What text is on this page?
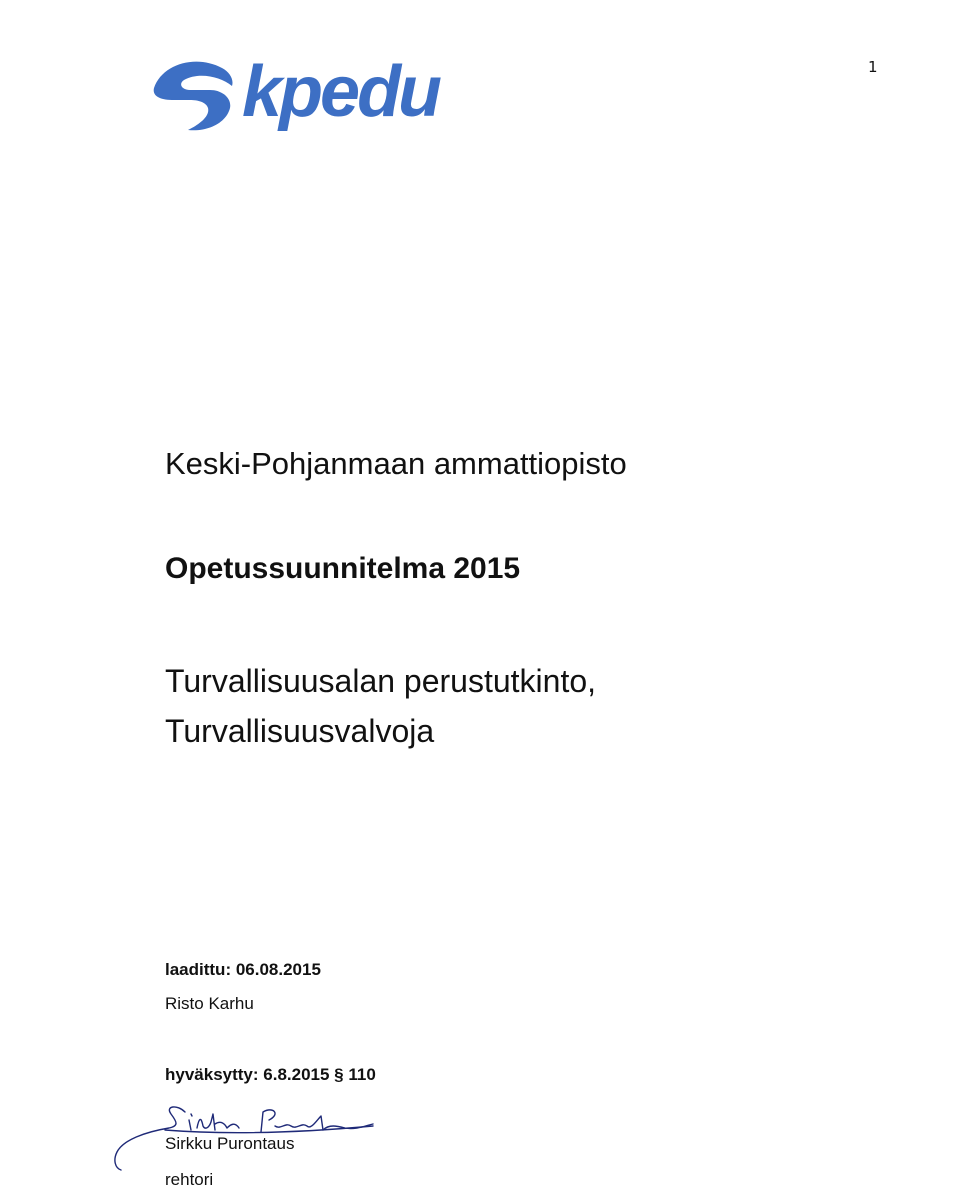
1
kpedu
Keski-Pohjanmaan ammattiopisto
Opetussuunnitelma 2015
Turvallisuusalan perustutkinto,
Turvallisuusvalvoja
laadittu: 06.08.2015
Risto Karhu
hyväksytty: 6.8.2015 § 110
Sirkku Purontaus
rehtori
